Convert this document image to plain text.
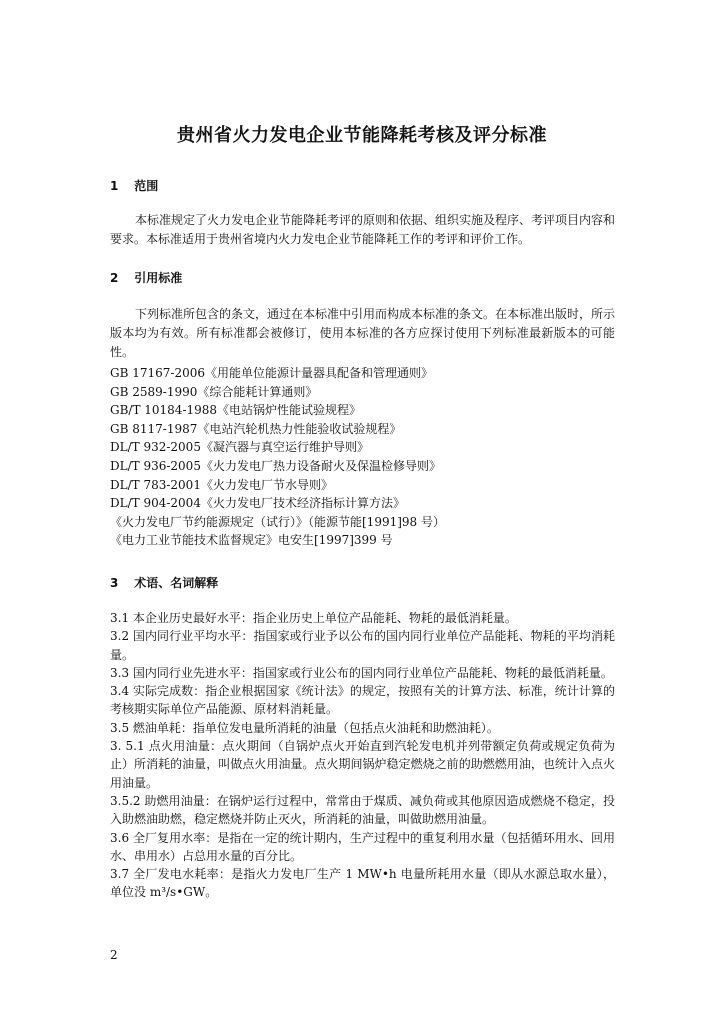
贵州省火力发电企业节能降耗考核及评分标准
1 范围
本标准规定了火力发电企业节能降耗考评的原则和依据、组织实施及程序、考评项目内容和要求。本标准适用于贵州省境内火力发电企业节能降耗工作的考评和评价工作。
2 引用标准
下列标准所包含的条文，通过在本标准中引用而构成本标准的条文。在本标准出版时，所示版本均为有效。所有标准都会被修订，使用本标准的各方应探讨使用下列标准最新版本的可能性。
GB 17167-2006《用能单位能源计量器具配备和管理通则》
GB 2589-1990《综合能耗计算通则》
GB/T 10184-1988《电站锅炉性能试验规程》
GB 8117-1987《电站汽轮机热力性能验收试验规程》
DL/T 932-2005《凝汽器与真空运行维护导则》
DL/T 936-2005《火力发电厂热力设备耐火及保温检修导则》
DL/T 783-2001《火力发电厂节水导则》
DL/T 904-2004《火力发电厂技术经济指标计算方法》
《火力发电厂节约能源规定（试行）》（能源节能[1991]98 号）
《电力工业节能技术监督规定》电安生[1997]399 号
3 术语、名词解释
3.1 本企业历史最好水平：指企业历史上单位产品能耗、物耗的最低消耗量。
3.2 国内同行业平均水平：指国家或行业予以公布的国内同行业单位产品能耗、物耗的平均消耗量。
3.3 国内同行业先进水平：指国家或行业公布的国内同行业单位产品能耗、物耗的最低消耗量。
3.4 实际完成数：指企业根据国家《统计法》的规定，按照有关的计算方法、标准，统计计算的考核期实际单位产品能源、原材料消耗量。
3.5 燃油单耗：指单位发电量所消耗的油量（包括点火油耗和助燃油耗）。
3. 5.1 点火用油量：点火期间（自锅炉点火开始直到汽轮发电机并列带额定负荷或规定负荷为止）所消耗的油量，叫做点火用油量。点火期间锅炉稳定燃烧之前的助燃燃用油，也统计入点火用油量。
3.5.2 助燃用油量：在锅炉运行过程中，常常由于煤质、减负荷或其他原因造成燃烧不稳定，投入助燃油助燃，稳定燃烧并防止灭火，所消耗的油量，叫做助燃用油量。
3.6 全厂复用水率：是指在一定的统计期内，生产过程中的重复利用水量（包括循环用水、回用水、串用水）占总用水量的百分比。
3.7 全厂发电水耗率：是指火力发电厂生产 1 MW•h 电量所耗用水量（即从水源总取水量），单位没 m³/s•GW。
2
